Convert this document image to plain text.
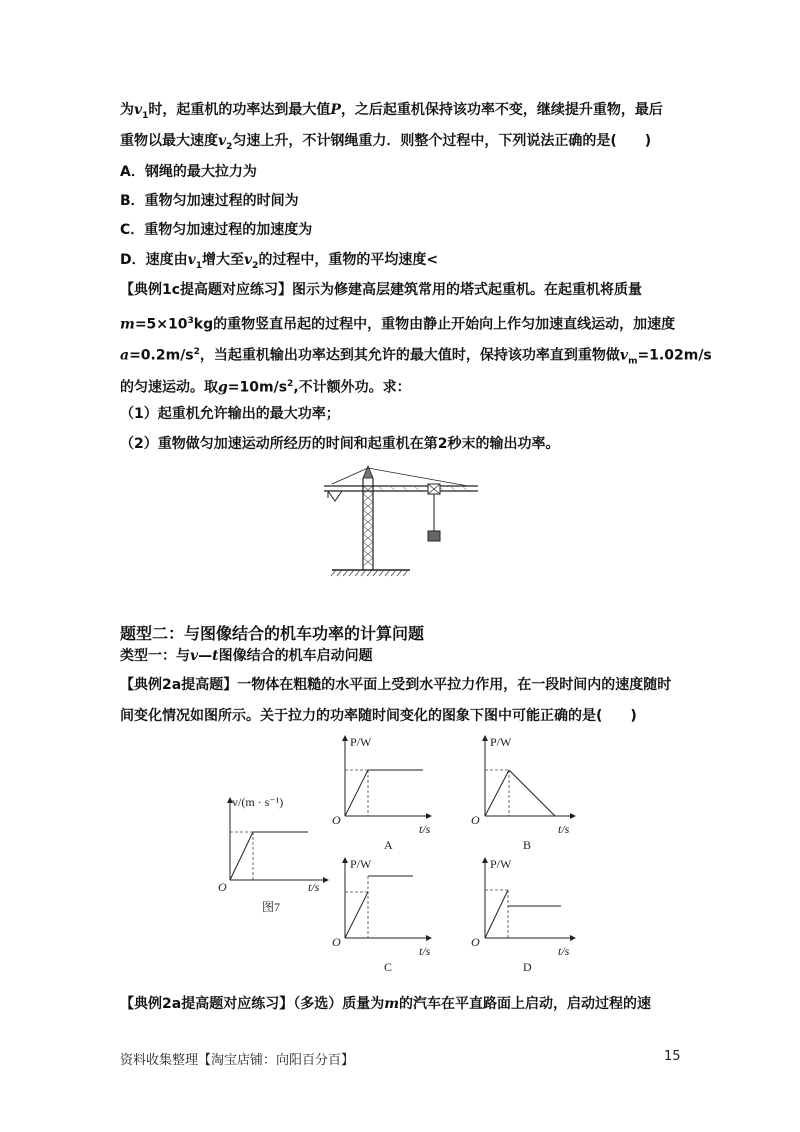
为$v_1$时，起重机的功率达到最大值P，之后起重机保持该功率不变，继续提升重物，最后
重物以最大速度$v_2$匀速上升，不计钢绳重力．则整个过程中，下列说法正确的是(　　)
A．钢绳的最大拉力为
B．重物匀加速过程的时间为
C．重物匀加速过程的加速度为
D．速度由$v_1$增大至$v_2$的过程中，重物的平均速度<
【典例1c提高题对应练习】图示为修建高层建筑常用的塔式起重机。在起重机将质量
$m=5\times 10^3kg$的重物竖直吊起的过程中，重物由静止开始向上作匀加速直线运动，加速度
$a=0.2m/s^2$，当起重机输出功率达到其允许的最大值时，保持该功率直到重物做$v_m=1.02m/s$
的匀速运动。取$g=10m/s^2$,不计额外功。求：
（1）起重机允许输出的最大功率；
（2）重物做匀加速运动所经历的时间和起重机在第2秒末的输出功率。
题型二：与图像结合的机车功率的计算问题
类型一：与v—t图像结合的机车启动问题
【典例2a提高题】一物体在粗糙的水平面上受到水平拉力作用，在一段时间内的速度随时
间变化情况如图所示。关于拉力的功率随时间变化的图象下图中可能正确的是(　　)
v/(m · s⁻¹)
O	t/s
图7
P/W
O
t/s
A
P/W
O
t/s
B
P/W
O
t/s
C
P/W
O
t/s
D
【典例2a提高题对应练习】（多选）质量为m的汽车在平直路面上启动，启动过程的速
资料收集整理【淘宝店铺：向阳百分百】	15
